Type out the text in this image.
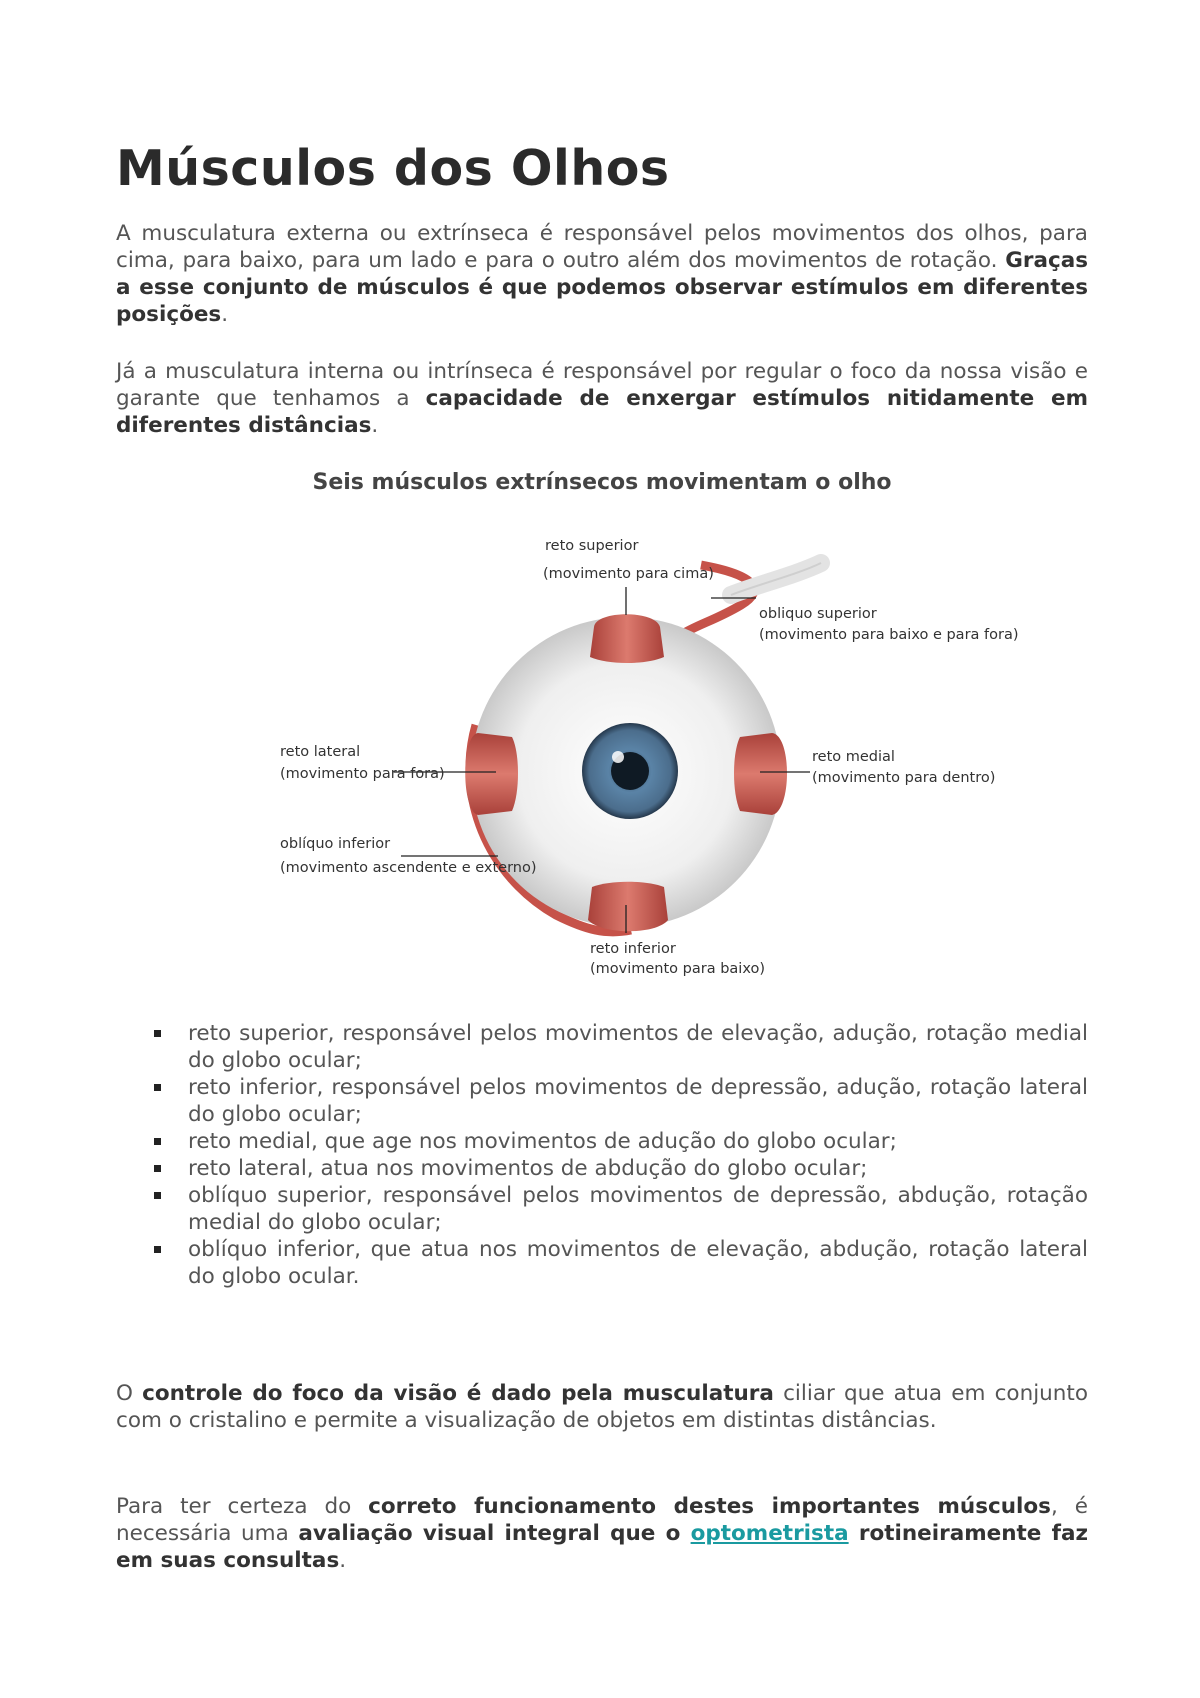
Músculos dos Olhos

A musculatura externa ou extrínseca é responsável pelos movimentos dos olhos, para cima, para baixo, para um lado e para o outro além dos movimentos de rotação. Graças a esse conjunto de músculos é que podemos observar estímulos em diferentes posições.

Já a musculatura interna ou intrínseca é responsável por regular o foco da nossa visão e garante que tenhamos a capacidade de enxergar estímulos nitidamente em diferentes distâncias.

Seis músculos extrínsecos movimentam o olho
reto superior
(movimento para cima)
obliquo superior
(movimento para baixo e para fora)
reto lateral
(movimento para fora)
reto medial
(movimento para dentro)
oblíquo inferior
(movimento ascendente e externo)
reto inferior
(movimento para baixo)
reto superior, responsável pelos movimentos de elevação, adução, rotação medial do globo ocular;
reto inferior, responsável pelos movimentos de depressão, adução, rotação lateral do globo ocular;
reto medial, que age nos movimentos de adução do globo ocular;
reto lateral, atua nos movimentos de abdução do globo ocular;
oblíquo superior, responsável pelos movimentos de depressão, abdução, rotação medial do globo ocular;
oblíquo inferior, que atua nos movimentos de elevação, abdução, rotação lateral do globo ocular.

O controle do foco da visão é dado pela musculatura ciliar que atua em conjunto com o cristalino e permite a visualização de objetos em distintas distâncias.

Para ter certeza do correto funcionamento destes importantes músculos, é necessária uma avaliação visual integral que o optometrista rotineiramente faz em suas consultas.
